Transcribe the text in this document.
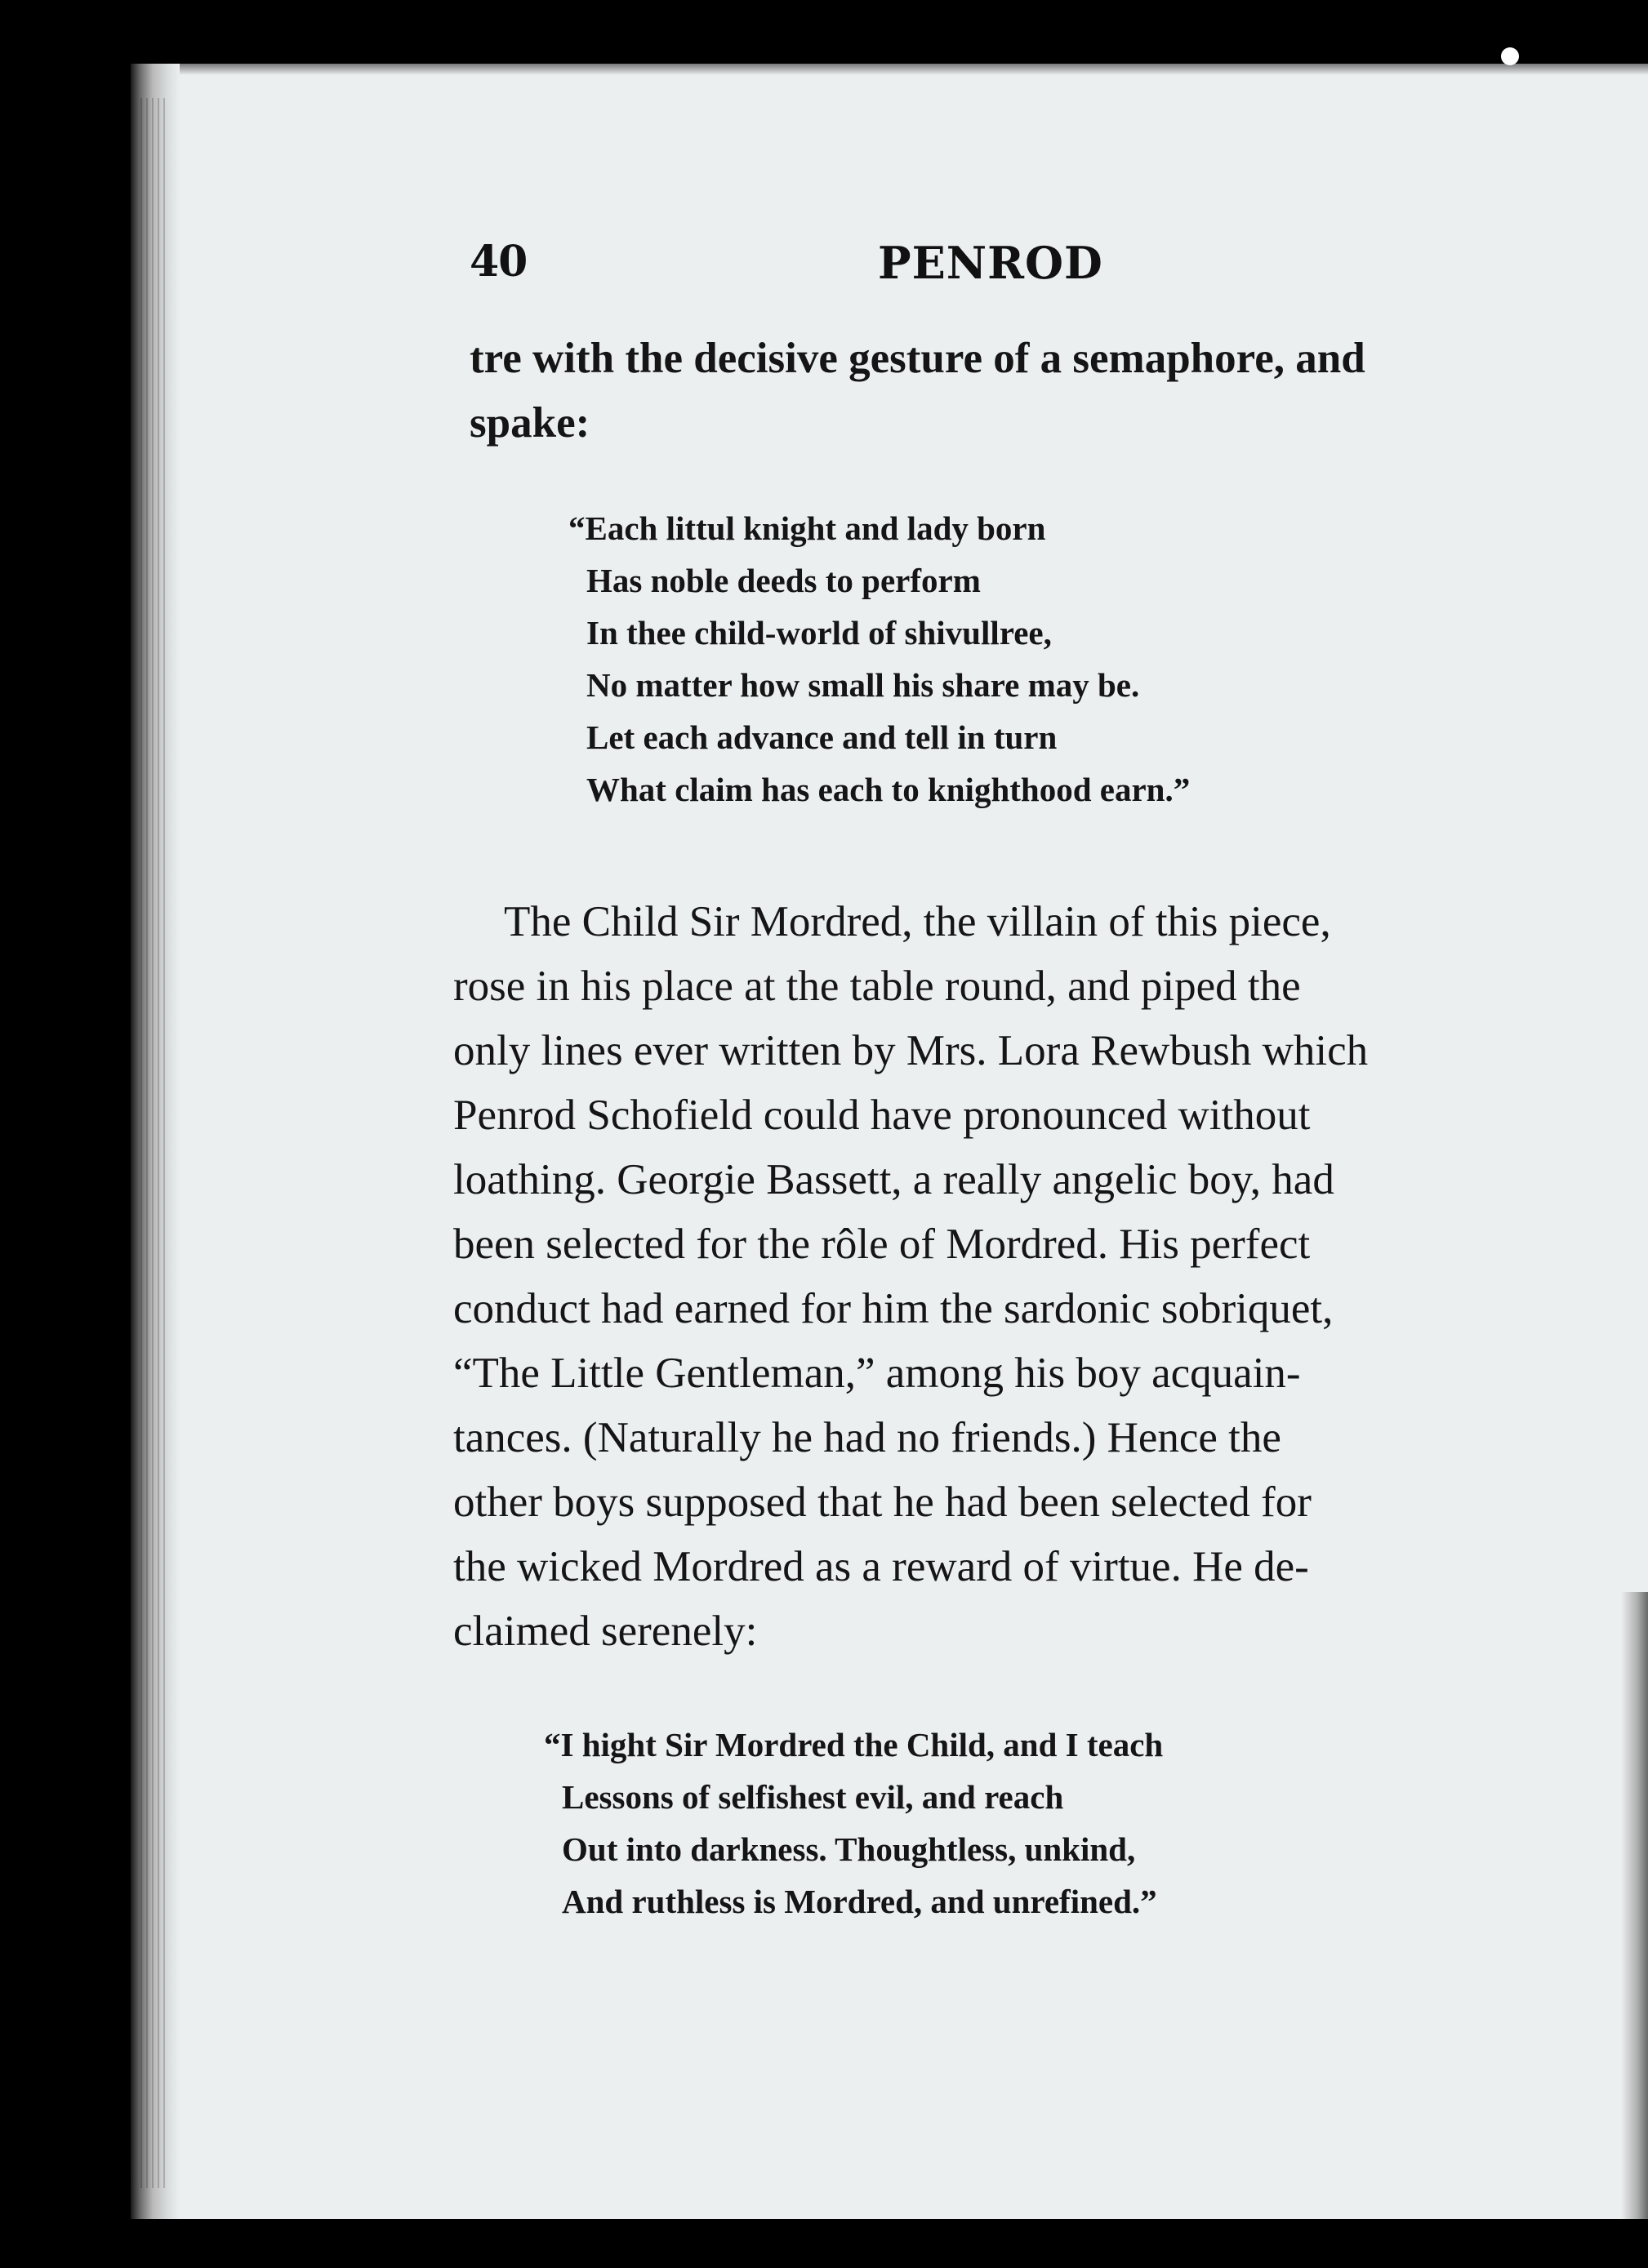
40	PENROD
tre with the decisive gesture of a semaphore, and
spake:
“Each littul knight and lady born
Has noble deeds to perform
In thee child-world of shivullree,
No matter how small his share may be.
Let each advance and tell in turn
What claim has each to knighthood earn.”
The Child Sir Mordred, the villain of this piece,
rose in his place at the table round, and piped the
only lines ever written by Mrs. Lora Rewbush which
Penrod Schofield could have pronounced without
loathing. Georgie Bassett, a really angelic boy, had
been selected for the rôle of Mordred. His perfect
conduct had earned for him the sardonic sobriquet,
“The Little Gentleman,” among his boy acquain-
tances. (Naturally he had no friends.) Hence the
other boys supposed that he had been selected for
the wicked Mordred as a reward of virtue. He de-
claimed serenely:
“I hight Sir Mordred the Child, and I teach
Lessons of selfishest evil, and reach
Out into darkness. Thoughtless, unkind,
And ruthless is Mordred, and unrefined.”
